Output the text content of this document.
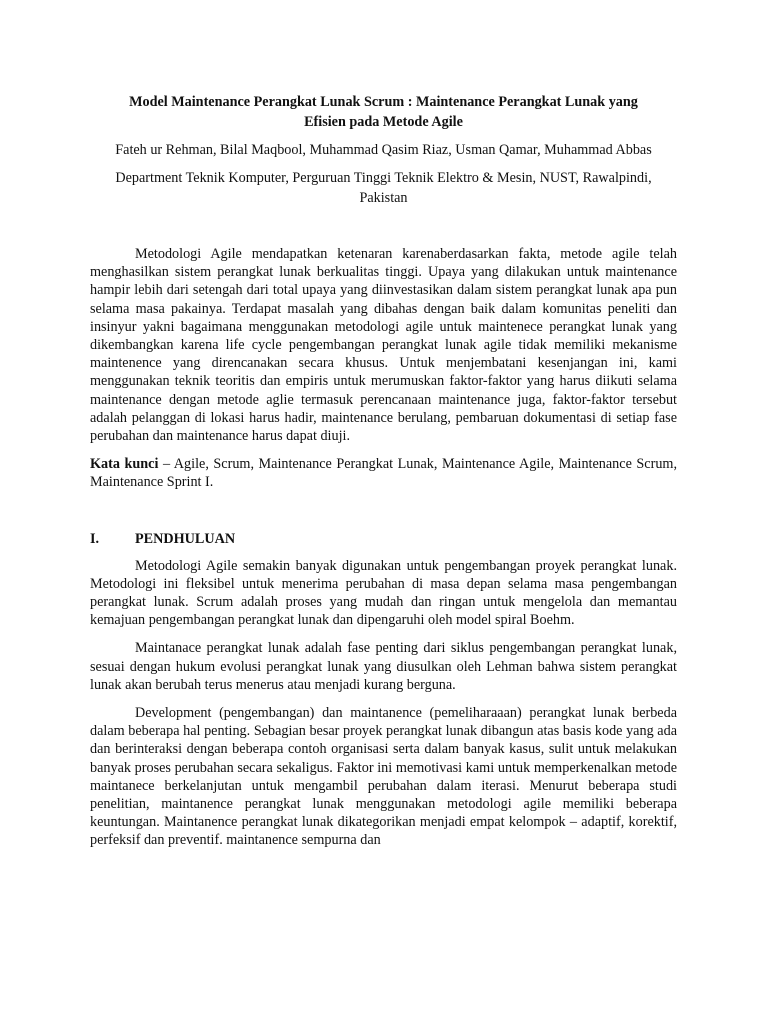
Model Maintenance Perangkat Lunak Scrum : Maintenance Perangkat Lunak yang
Efisien pada Metode Agile

Fateh ur Rehman, Bilal Maqbool, Muhammad Qasim Riaz, Usman Qamar, Muhammad Abbas

Department Teknik Komputer, Perguruan Tinggi Teknik Elektro & Mesin, NUST, Rawalpindi, Pakistan

Metodologi Agile mendapatkan ketenaran karenaberdasarkan fakta, metode agile telah menghasilkan sistem perangkat lunak berkualitas tinggi. Upaya yang dilakukan untuk maintenance hampir lebih dari setengah dari total upaya yang diinvestasikan dalam sistem perangkat lunak apa pun selama masa pakainya. Terdapat masalah yang dibahas dengan baik dalam komunitas peneliti dan insinyur yakni bagaimana menggunakan metodologi agile untuk maintenece perangkat lunak yang dikembangkan karena life cycle pengembangan perangkat lunak agile tidak memiliki mekanisme maintenence yang direncanakan secara khusus. Untuk menjembatani kesenjangan ini, kami menggunakan teknik teoritis dan empiris untuk merumuskan faktor-faktor yang harus diikuti selama maintenance dengan metode aglie termasuk perencanaan maintenance juga, faktor-faktor tersebut adalah pelanggan di lokasi harus hadir, maintenance berulang, pembaruan dokumentasi di setiap fase perubahan dan maintenance harus dapat diuji.

Kata kunci – Agile, Scrum, Maintenance Perangkat Lunak, Maintenance Agile, Maintenance Scrum, Maintenance Sprint I.

I.	PENDHULUAN

Metodologi Agile semakin banyak digunakan untuk pengembangan proyek perangkat lunak. Metodologi ini fleksibel untuk menerima perubahan di masa depan selama masa pengembangan perangkat lunak. Scrum adalah proses yang mudah dan ringan untuk mengelola dan memantau kemajuan pengembangan perangkat lunak dan dipengaruhi oleh model spiral Boehm.

Maintanace perangkat lunak adalah fase penting dari siklus pengembangan perangkat lunak, sesuai dengan hukum evolusi perangkat lunak yang diusulkan oleh Lehman bahwa sistem perangkat lunak akan berubah terus menerus atau menjadi kurang berguna.

Development (pengembangan) dan maintanence (pemeliharaaan) perangkat lunak berbeda dalam beberapa hal penting. Sebagian besar proyek perangkat lunak dibangun atas basis kode yang ada dan berinteraksi dengan beberapa contoh organisasi serta dalam banyak kasus, sulit untuk melakukan banyak proses perubahan secara sekaligus. Faktor ini memotivasi kami untuk memperkenalkan metode maintanece berkelanjutan untuk mengambil perubahan dalam iterasi. Menurut beberapa studi penelitian, maintanence perangkat lunak menggunakan metodologi agile memiliki beberapa keuntungan. Maintanence perangkat lunak dikategorikan menjadi empat kelompok – adaptif, korektif, perfeksif dan preventif. maintanence sempurna dan
